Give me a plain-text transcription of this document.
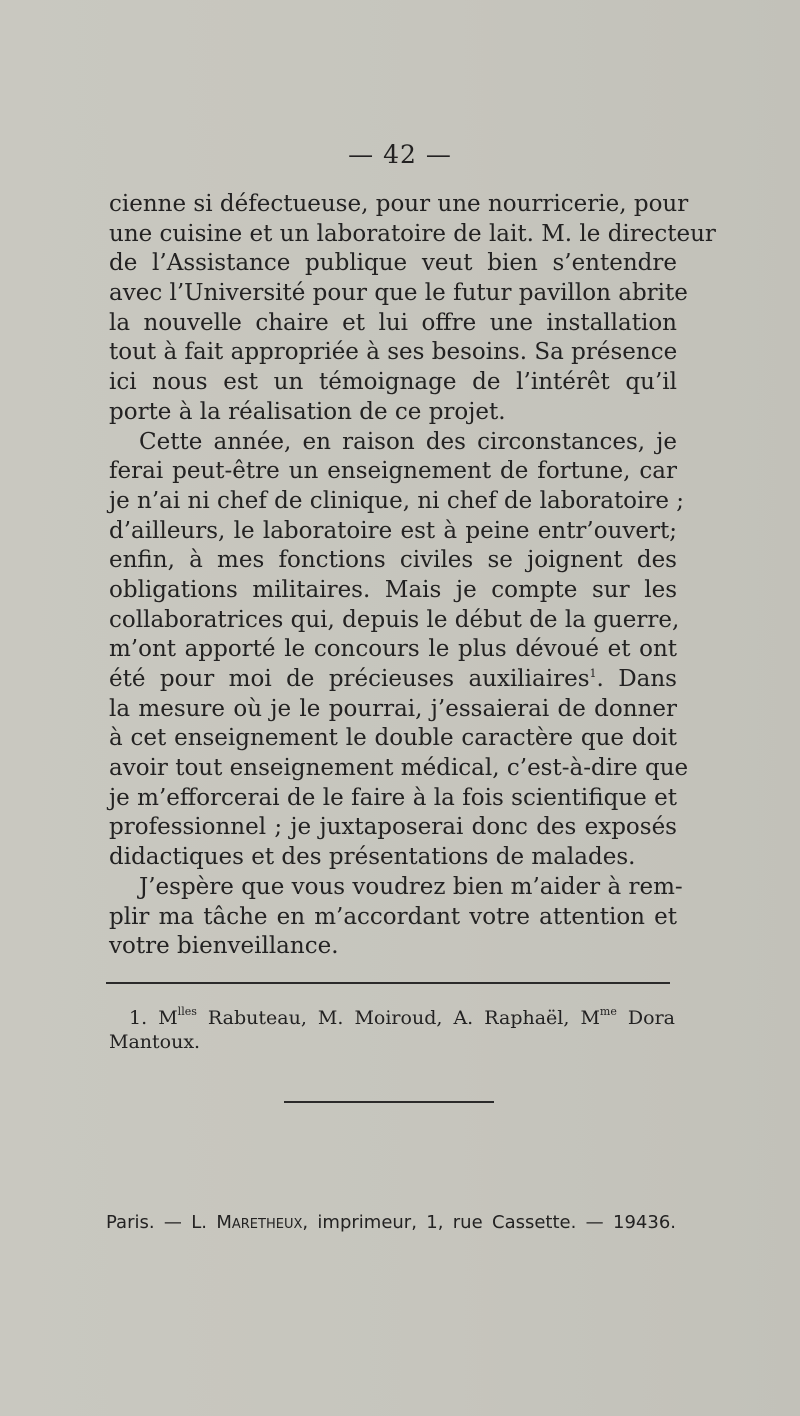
— 42 —
cienne si défectueuse, pour une nourricerie, pour
une cuisine et un laboratoire de lait. M. le directeur
de l’Assistance publique veut bien s’entendre
avec l’Université pour que le futur pavillon abrite
la nouvelle chaire et lui offre une installation
tout à fait appropriée à ses besoins. Sa présence
ici nous est un témoignage de l’intérêt qu’il
porte à la réalisation de ce projet.
Cette année, en raison des circonstances, je
ferai peut-être un enseignement de fortune, car
je n’ai ni chef de clinique, ni chef de laboratoire ;
d’ailleurs, le laboratoire est à peine entr’ouvert;
enfin, à mes fonctions civiles se joignent des
obligations militaires. Mais je compte sur les
collaboratrices qui, depuis le début de la guerre,
m’ont apporté le concours le plus dévoué et ont
été pour moi de précieuses auxiliaires$^1$. Dans
la mesure où je le pourrai, j’essaierai de donner
à cet enseignement le double caractère que doit
avoir tout enseignement médical, c’est-à-dire que
je m’efforcerai de le faire à la fois scientifique et
professionnel ; je juxtaposerai donc des exposés
didactiques et des présentations de malades.
J’espère que vous voudrez bien m’aider à rem-
plir ma tâche en m’accordant votre attention et
votre bienveillance.
1. $M^{lles}$ Rabuteau, M. Moiroud, A. Raphaël, $M^{me}$ Dora
Mantoux.
Paris. — L. Maretheux, imprimeur, 1, rue Cassette. — 19436.
